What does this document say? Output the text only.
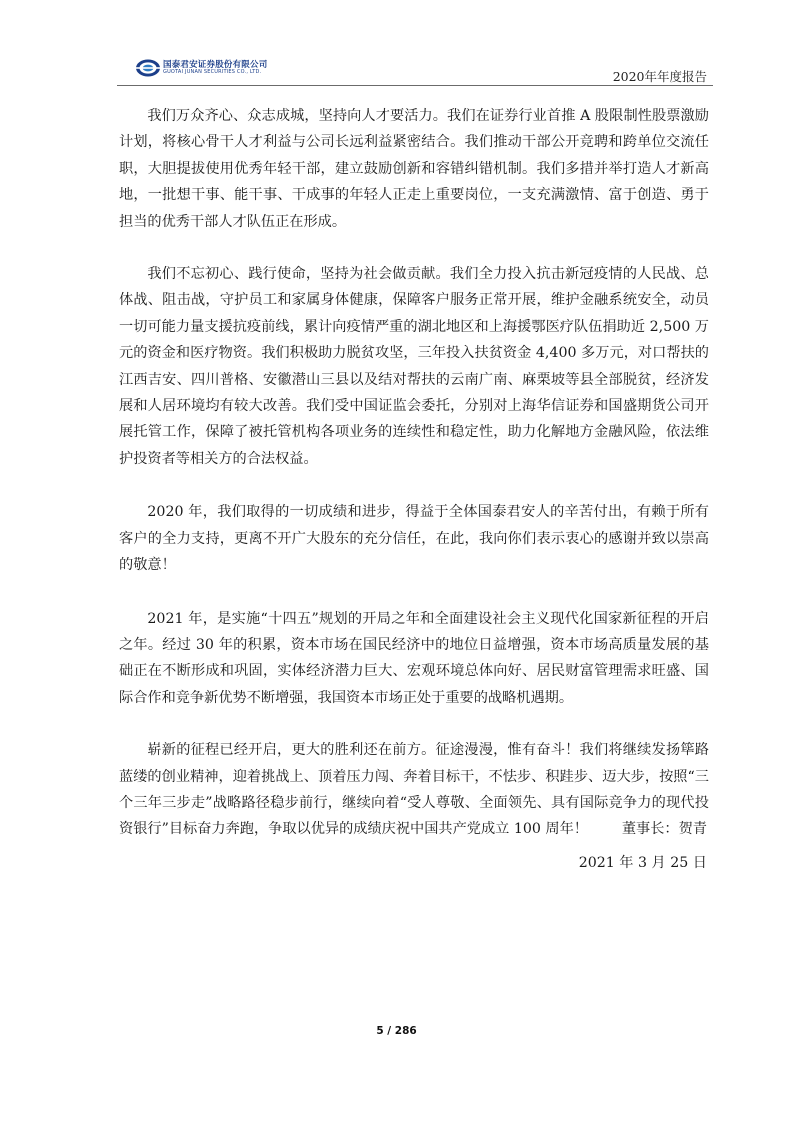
国泰君安证券股份有限公司
GUOTAI JUNAN SECURITIES CO., LTD.	2020年年度报告

我们万众齐心、众志成城，坚持向人才要活力。我们在证券行业首推 A 股限制性股票激励计划，将核心骨干人才利益与公司长远利益紧密结合。我们推动干部公开竞聘和跨单位交流任职，大胆提拔使用优秀年轻干部，建立鼓励创新和容错纠错机制。我们多措并举打造人才新高地，一批想干事、能干事、干成事的年轻人正走上重要岗位，一支充满激情、富于创造、勇于担当的优秀干部人才队伍正在形成。

我们不忘初心、践行使命，坚持为社会做贡献。我们全力投入抗击新冠疫情的人民战、总体战、阻击战，守护员工和家属身体健康，保障客户服务正常开展，维护金融系统安全，动员一切可能力量支援抗疫前线，累计向疫情严重的湖北地区和上海援鄂医疗队伍捐助近 2,500 万元的资金和医疗物资。我们积极助力脱贫攻坚，三年投入扶贫资金 4,400 多万元，对口帮扶的江西吉安、四川普格、安徽潜山三县以及结对帮扶的云南广南、麻栗坡等县全部脱贫，经济发展和人居环境均有较大改善。我们受中国证监会委托，分别对上海华信证券和国盛期货公司开展托管工作，保障了被托管机构各项业务的连续性和稳定性，助力化解地方金融风险，依法维护投资者等相关方的合法权益。

2020 年，我们取得的一切成绩和进步，得益于全体国泰君安人的辛苦付出，有赖于所有客户的全力支持，更离不开广大股东的充分信任，在此，我向你们表示衷心的感谢并致以崇高的敬意！

2021 年，是实施“十四五”规划的开局之年和全面建设社会主义现代化国家新征程的开启之年。经过 30 年的积累，资本市场在国民经济中的地位日益增强，资本市场高质量发展的基础正在不断形成和巩固，实体经济潜力巨大、宏观环境总体向好、居民财富管理需求旺盛、国际合作和竞争新优势不断增强，我国资本市场正处于重要的战略机遇期。

崭新的征程已经开启，更大的胜利还在前方。征途漫漫，惟有奋斗！我们将继续发扬筚路蓝缕的创业精神，迎着挑战上、顶着压力闯、奔着目标干，不怯步、积跬步、迈大步，按照“三个三年三步走”战略路径稳步前行，继续向着“受人尊敬、全面领先、具有国际竞争力的现代投资银行”目标奋力奔跑，争取以优异的成绩庆祝中国共产党成立 100 周年！	董事长：贺青
2021 年 3 月 25 日
5 / 286
